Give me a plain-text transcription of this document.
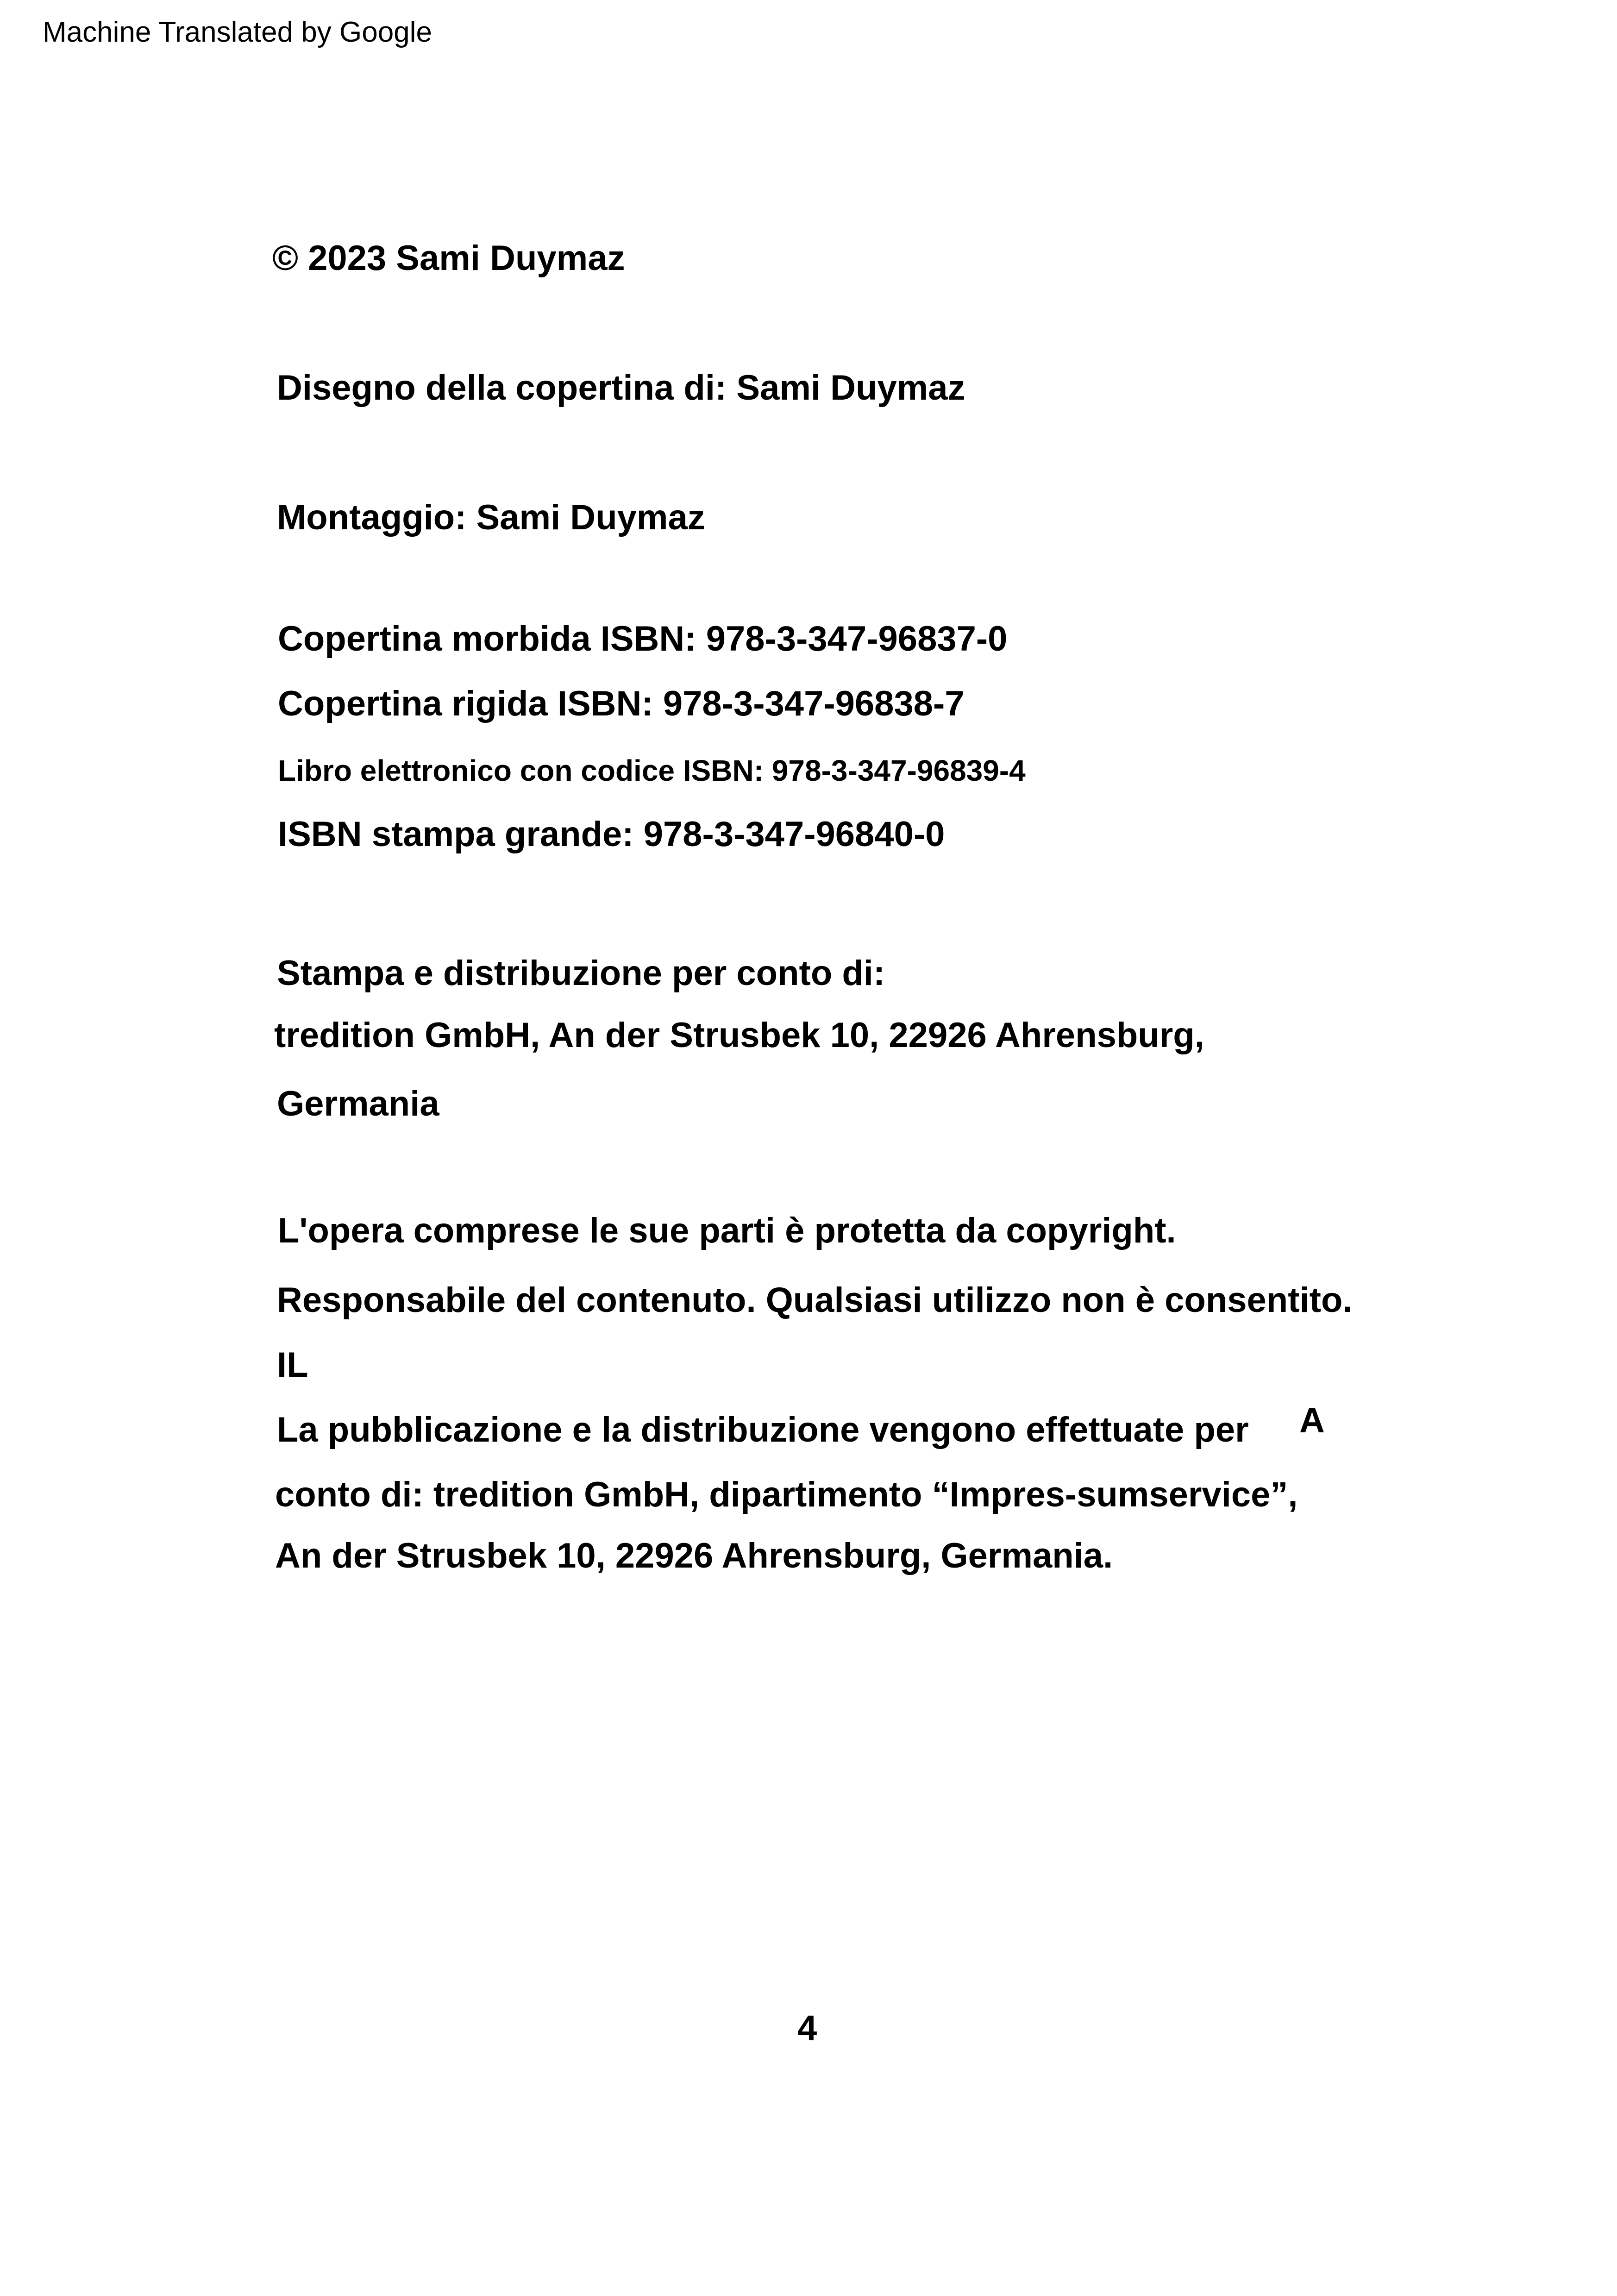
Machine Translated by Google
© 2023 Sami Duymaz
Disegno della copertina di: Sami Duymaz
Montaggio: Sami Duymaz
Copertina morbida ISBN: 978-3-347-96837-0
Copertina rigida ISBN: 978-3-347-96838-7
Libro elettronico con codice ISBN: 978-3-347-96839-4
ISBN stampa grande: 978-3-347-96840-0
Stampa e distribuzione per conto di:
tredition GmbH, An der Strusbek 10, 22926 Ahrensburg,
Germania
L'opera comprese le sue parti è protetta da copyright.
Responsabile del contenuto. Qualsiasi utilizzo non è consentito.
IL
La pubblicazione e la distribuzione vengono effettuate per A
conto di: tredition GmbH, dipartimento “Impres-sumservice”,
An der Strusbek 10, 22926 Ahrensburg, Germania.
4
